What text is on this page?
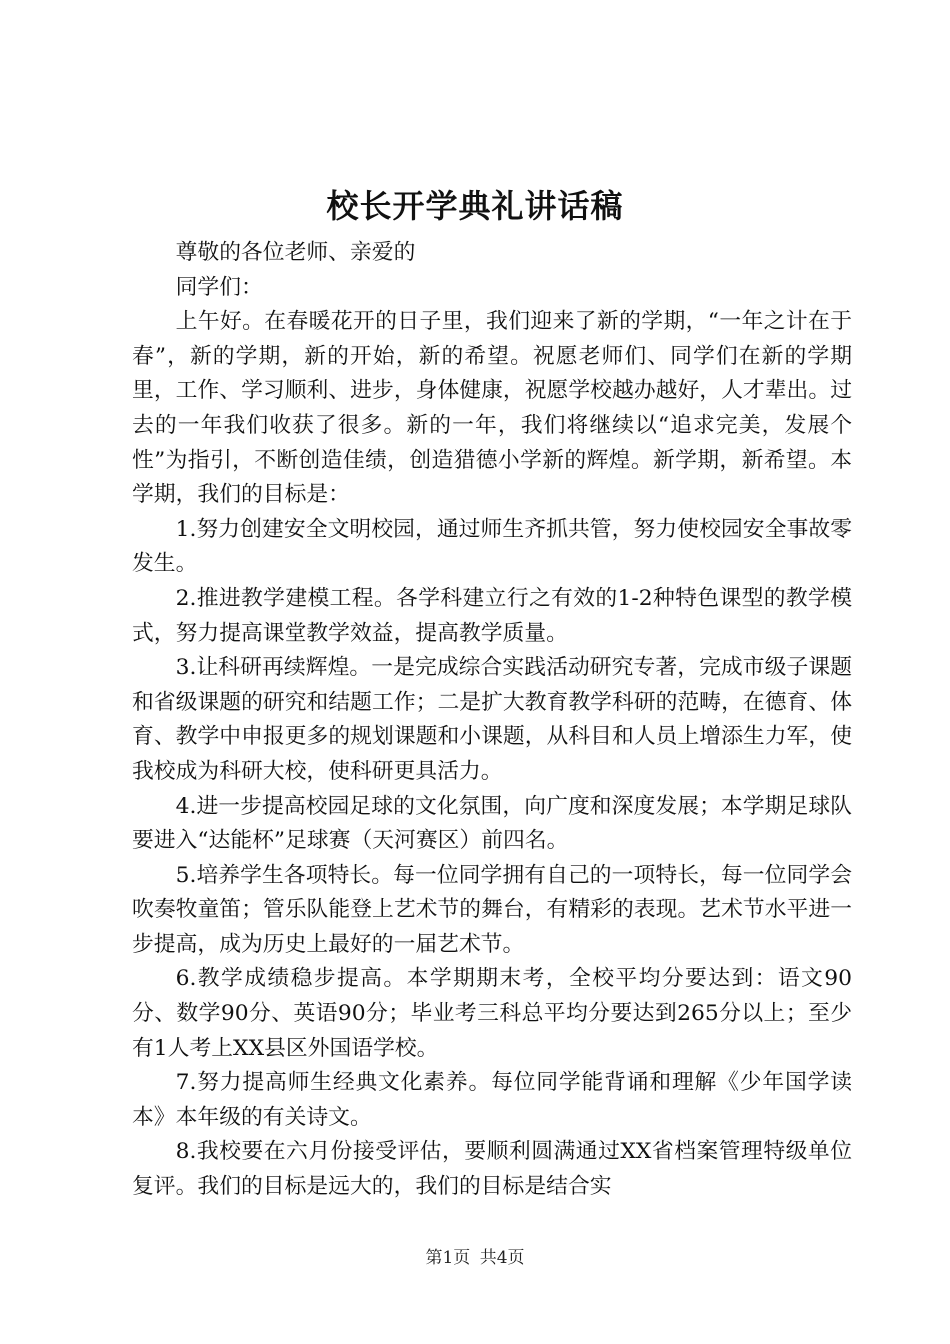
校长开学典礼讲话稿

尊敬的各位老师、亲爱的

同学们：

上午好。在春暖花开的日子里，我们迎来了新的学期，“一年之计在于春”，新的学期，新的开始，新的希望。祝愿老师们、同学们在新的学期里，工作、学习顺利、进步，身体健康，祝愿学校越办越好，人才辈出。过去的一年我们收获了很多。新的一年，我们将继续以“追求完美，发展个性”为指引，不断创造佳绩，创造猎德小学新的辉煌。新学期，新希望。本学期，我们的目标是：

1.努力创建安全文明校园，通过师生齐抓共管，努力使校园安全事故零发生。

2.推进教学建模工程。各学科建立行之有效的1-2种特色课型的教学模式，努力提高课堂教学效益，提高教学质量。

3.让科研再续辉煌。一是完成综合实践活动研究专著，完成市级子课题和省级课题的研究和结题工作；二是扩大教育教学科研的范畴，在德育、体育、教学中申报更多的规划课题和小课题，从科目和人员上增添生力军，使我校成为科研大校，使科研更具活力。

4.进一步提高校园足球的文化氛围，向广度和深度发展；本学期足球队要进入“达能杯”足球赛（天河赛区）前四名。

5.培养学生各项特长。每一位同学拥有自己的一项特长，每一位同学会吹奏牧童笛；管乐队能登上艺术节的舞台，有精彩的表现。艺术节水平进一步提高，成为历史上最好的一届艺术节。

6.教学成绩稳步提高。本学期期末考，全校平均分要达到：语文90分、数学90分、英语90分；毕业考三科总平均分要达到265分以上；至少有1人考上XX县区外国语学校。

7.努力提高师生经典文化素养。每位同学能背诵和理解《少年国学读本》本年级的有关诗文。

8.我校要在六月份接受评估，要顺利圆满通过XX省档案管理特级单位复评。我们的目标是远大的，我们的目标是结合实

第1页 共4页
